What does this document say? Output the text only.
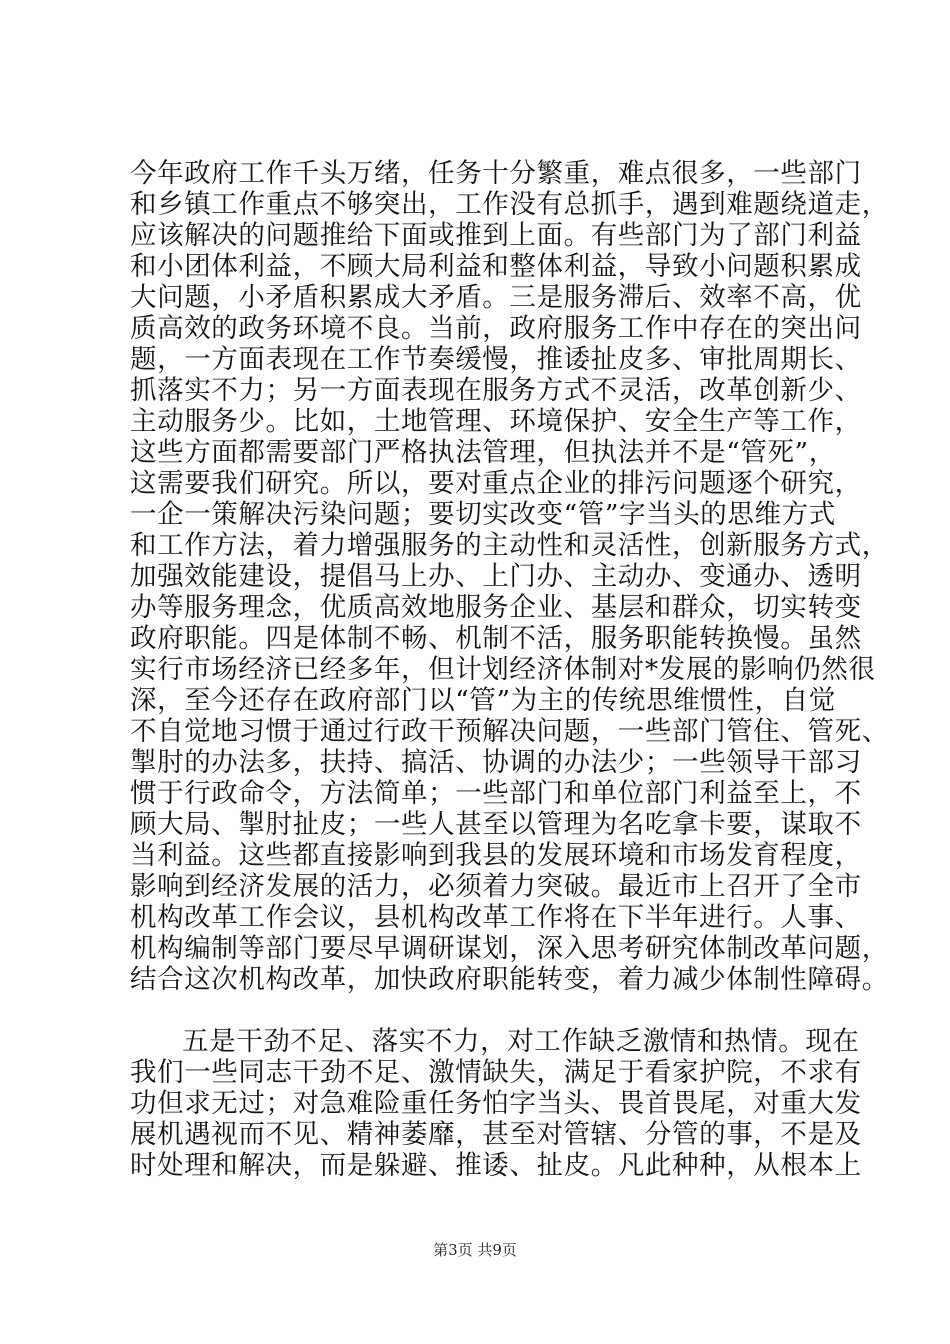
今年政府工作千头万绪，任务十分繁重，难点很多，一些部门
和乡镇工作重点不够突出，工作没有总抓手，遇到难题绕道走，
应该解决的问题推给下面或推到上面。有些部门为了部门利益
和小团体利益，不顾大局利益和整体利益，导致小问题积累成
大问题，小矛盾积累成大矛盾。三是服务滞后、效率不高，优
质高效的政务环境不良。当前，政府服务工作中存在的突出问
题，一方面表现在工作节奏缓慢，推诿扯皮多、审批周期长、
抓落实不力；另一方面表现在服务方式不灵活，改革创新少、
主动服务少。比如，土地管理、环境保护、安全生产等工作，
这些方面都需要部门严格执法管理，但执法并不是“管死”，
这需要我们研究。所以，要对重点企业的排污问题逐个研究，
一企一策解决污染问题；要切实改变“管”字当头的思维方式
和工作方法，着力增强服务的主动性和灵活性，创新服务方式，
加强效能建设，提倡马上办、上门办、主动办、变通办、透明
办等服务理念，优质高效地服务企业、基层和群众，切实转变
政府职能。四是体制不畅、机制不活，服务职能转换慢。虽然
实行市场经济已经多年，但计划经济体制对*发展的影响仍然很
深，至今还存在政府部门以“管”为主的传统思维惯性，自觉
不自觉地习惯于通过行政干预解决问题，一些部门管住、管死、
掣肘的办法多，扶持、搞活、协调的办法少；一些领导干部习
惯于行政命令，方法简单；一些部门和单位部门利益至上，不
顾大局、掣肘扯皮；一些人甚至以管理为名吃拿卡要，谋取不
当利益。这些都直接影响到我县的发展环境和市场发育程度，
影响到经济发展的活力，必须着力突破。最近市上召开了全市
机构改革工作会议，县机构改革工作将在下半年进行。人事、
机构编制等部门要尽早调研谋划，深入思考研究体制改革问题，
结合这次机构改革，加快政府职能转变，着力减少体制性障碍。
五是干劲不足、落实不力，对工作缺乏激情和热情。现在
我们一些同志干劲不足、激情缺失，满足于看家护院，不求有
功但求无过；对急难险重任务怕字当头、畏首畏尾，对重大发
展机遇视而不见、精神萎靡，甚至对管辖、分管的事，不是及
时处理和解决，而是躲避、推诿、扯皮。凡此种种，从根本上
第3页 共9页
